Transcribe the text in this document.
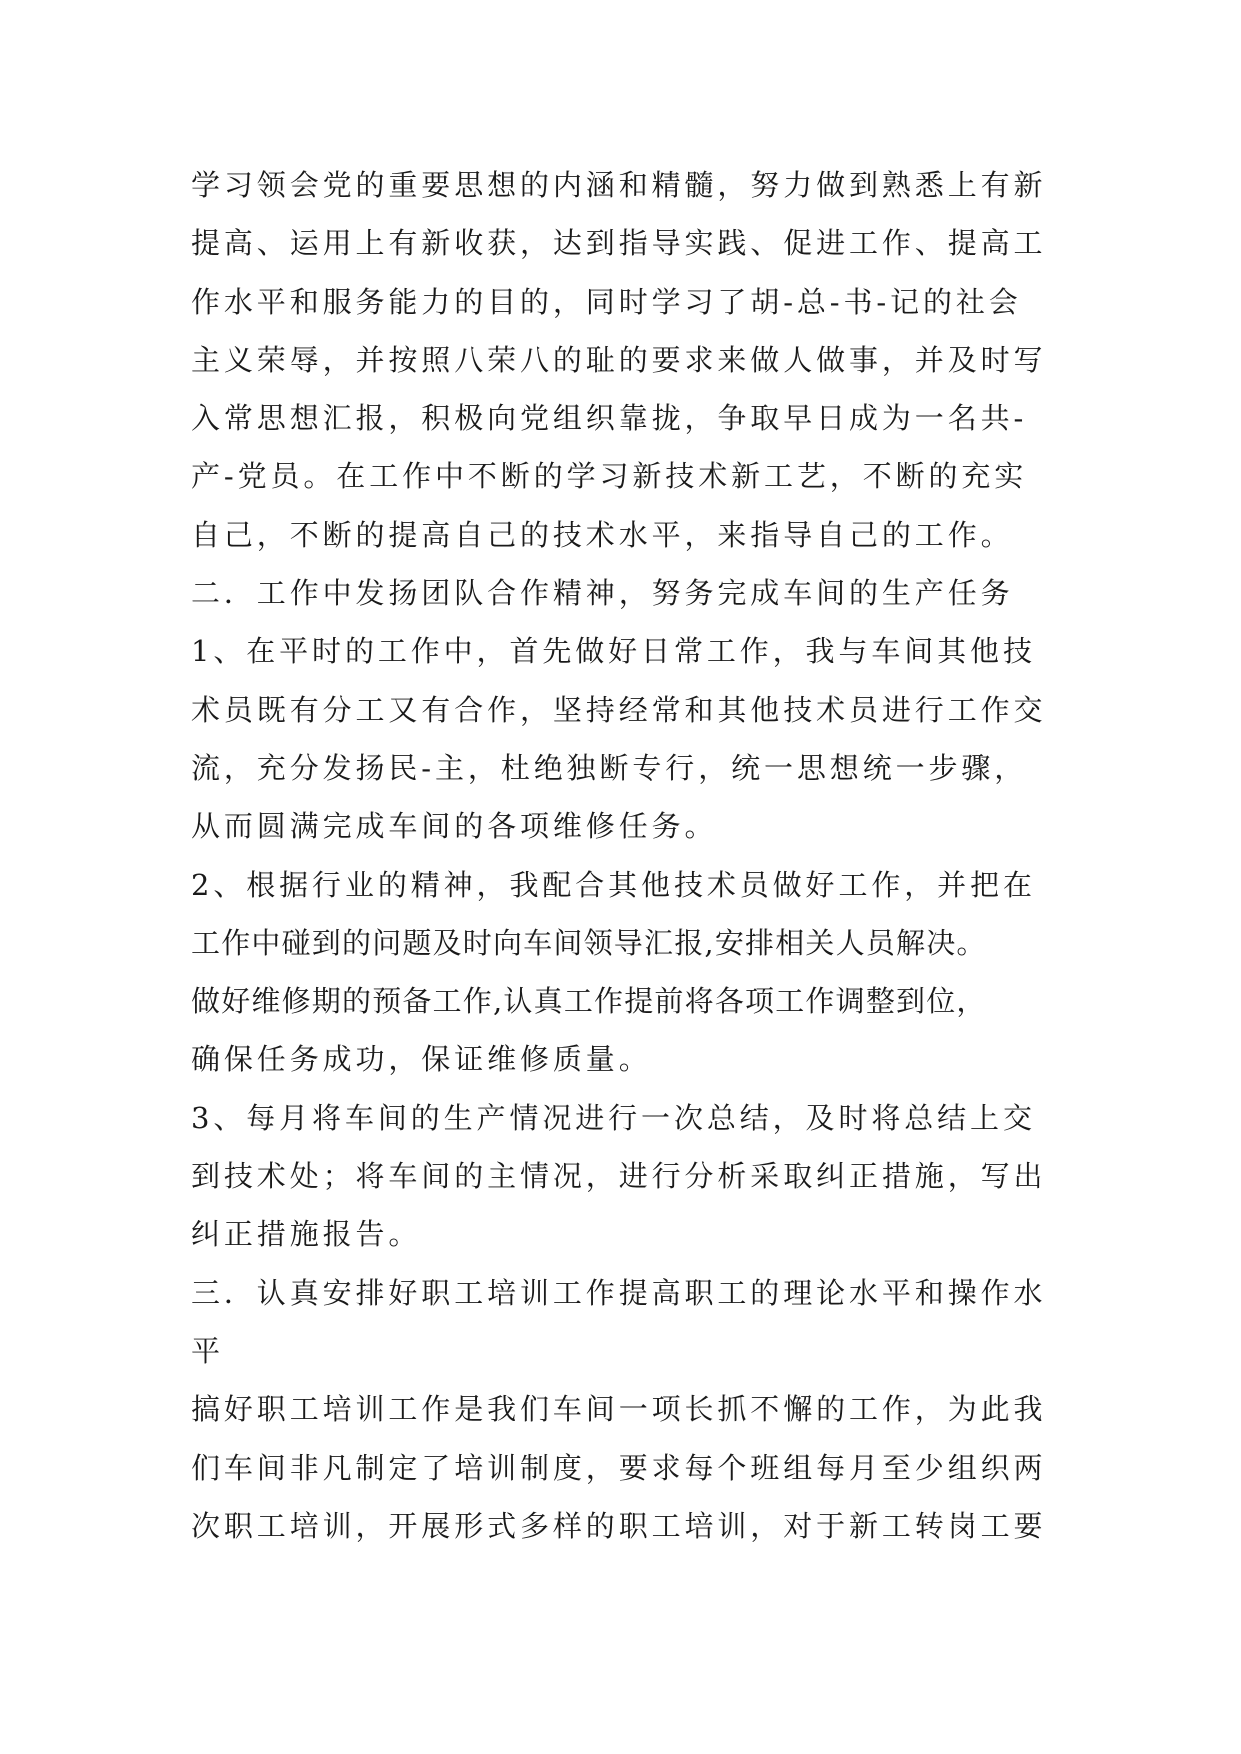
学习领会党的重要思想的内涵和精髓，努力做到熟悉上有新
提高、运用上有新收获，达到指导实践、促进工作、提高工
作水平和服务能力的目的，同时学习了胡-总-书-记的社会
主义荣辱，并按照八荣八的耻的要求来做人做事，并及时写
入常思想汇报，积极向党组织靠拢，争取早日成为一名共-
产-党员。在工作中不断的学习新技术新工艺，不断的充实
自己，不断的提高自己的技术水平，来指导自己的工作。
二．工作中发扬团队合作精神，努务完成车间的生产任务
1、在平时的工作中，首先做好日常工作，我与车间其他技
术员既有分工又有合作，坚持经常和其他技术员进行工作交
流，充分发扬民-主，杜绝独断专行，统一思想统一步骤，
从而圆满完成车间的各项维修任务。
2、根据行业的精神，我配合其他技术员做好工作，并把在
工作中碰到的问题及时向车间领导汇报,安排相关人员解决。
做好维修期的预备工作,认真工作提前将各项工作调整到位，
确保任务成功，保证维修质量。
3、每月将车间的生产情况进行一次总结，及时将总结上交
到技术处；将车间的主情况，进行分析采取纠正措施，写出
纠正措施报告。
三．认真安排好职工培训工作提高职工的理论水平和操作水
平
搞好职工培训工作是我们车间一项长抓不懈的工作，为此我
们车间非凡制定了培训制度，要求每个班组每月至少组织两
次职工培训，开展形式多样的职工培训，对于新工转岗工要
